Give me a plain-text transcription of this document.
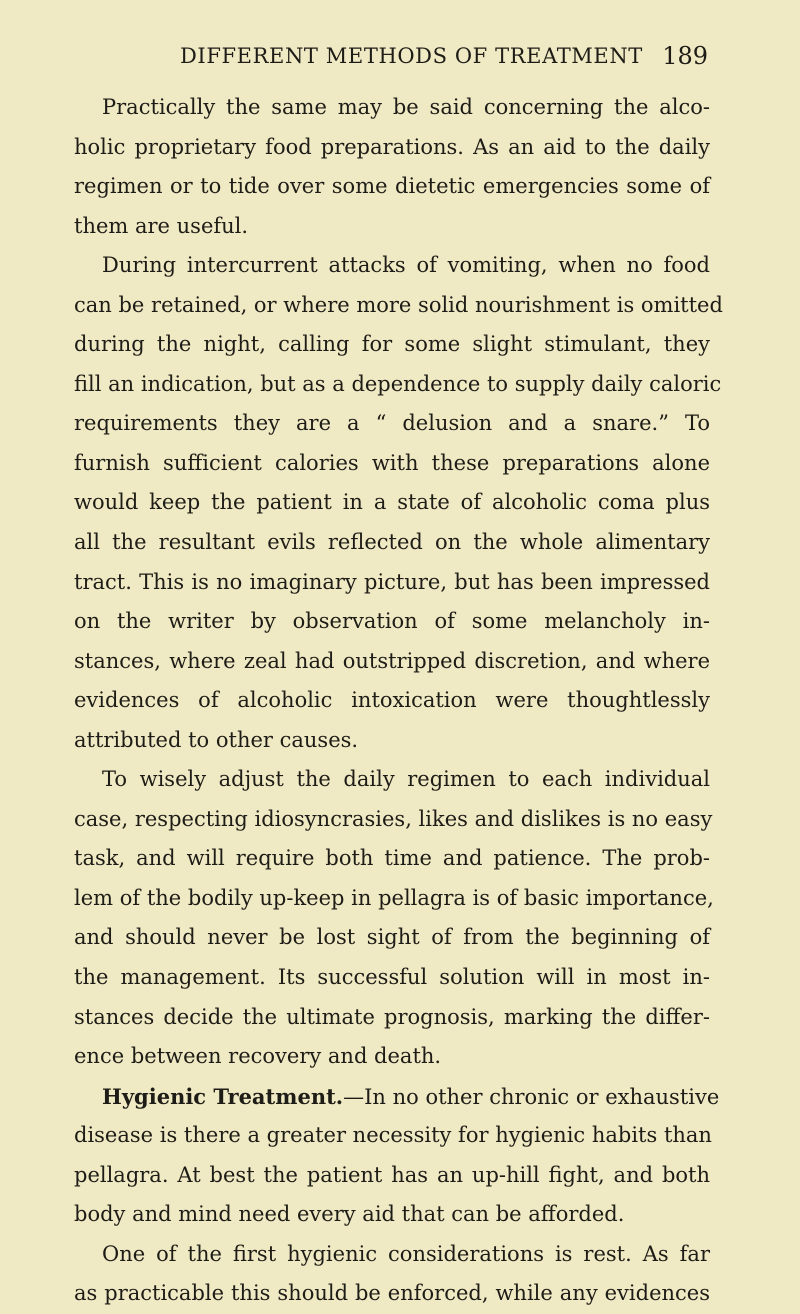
DIFFERENT METHODS OF TREATMENT 189
Practically the same may be said concerning the alco-
holic proprietary food preparations. As an aid to the daily
regimen or to tide over some dietetic emergencies some of
them are useful.
During intercurrent attacks of vomiting, when no food
can be retained, or where more solid nourishment is omitted
during the night, calling for some slight stimulant, they
fill an indication, but as a dependence to supply daily caloric
requirements they are a “ delusion and a snare.” To
furnish sufficient calories with these preparations alone
would keep the patient in a state of alcoholic coma plus
all the resultant evils reflected on the whole alimentary
tract. This is no imaginary picture, but has been impressed
on the writer by observation of some melancholy in-
stances, where zeal had outstripped discretion, and where
evidences of alcoholic intoxication were thoughtlessly
attributed to other causes.
To wisely adjust the daily regimen to each individual
case, respecting idiosyncrasies, likes and dislikes is no easy
task, and will require both time and patience. The prob-
lem of the bodily up-keep in pellagra is of basic importance,
and should never be lost sight of from the beginning of
the management. Its successful solution will in most in-
stances decide the ultimate prognosis, marking the differ-
ence between recovery and death.
Hygienic Treatment.—In no other chronic or exhaustive
disease is there a greater necessity for hygienic habits than
pellagra. At best the patient has an up-hill fight, and both
body and mind need every aid that can be afforded.
One of the first hygienic considerations is rest. As far
as practicable this should be enforced, while any evidences
